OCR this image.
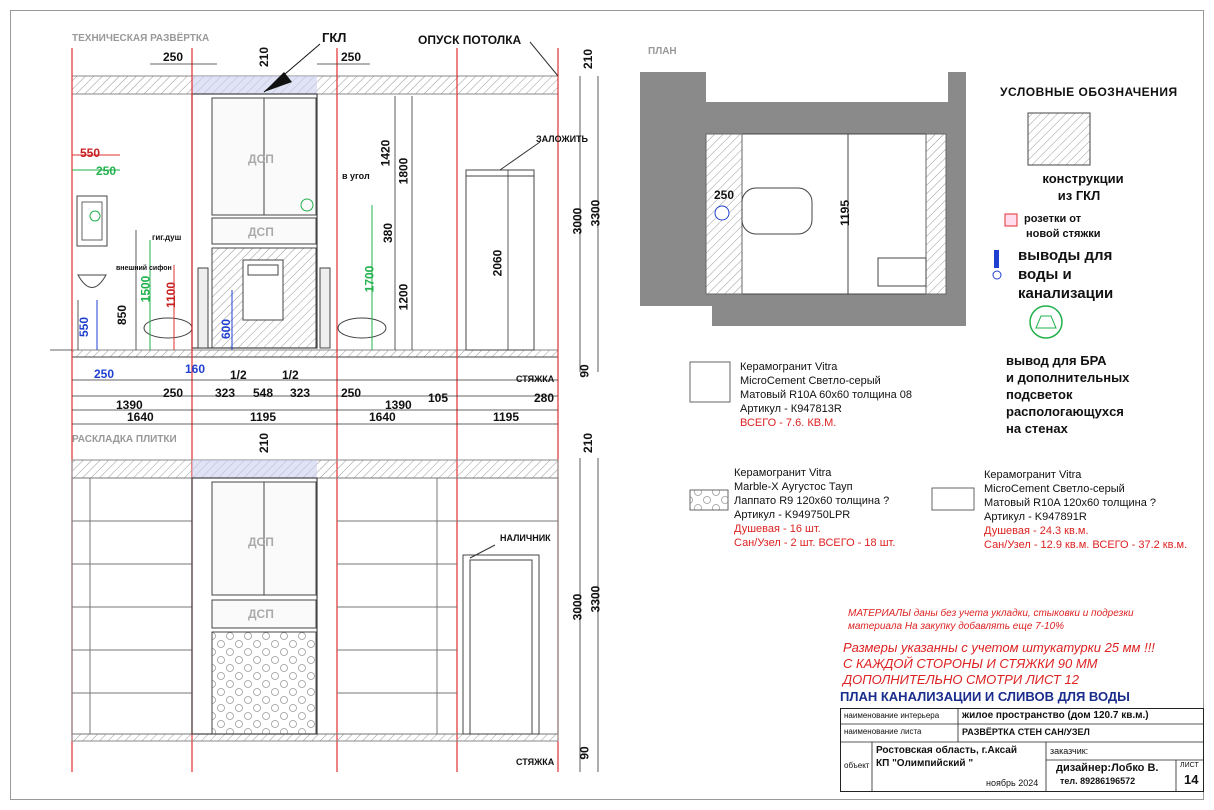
ТЕХНИЧЕСКАЯ РАЗВЁРТКА
РАСКЛАДКА ПЛИТКИ
ПЛАН
ГКЛ	ОПУСК ПОТОЛКА
ЗАЛОЖИТЬ
в угол
гиг.душ
внешний сифон
СТЯЖКА
СТЯЖКА
НАЛИЧНИК
ДСП
ДСП
ДСП
ДСП
250	210	250	210
550
250
1420
1800
380
1200
1500 1100
850
550	600
1700
2060
3000 3300
90
250	160 1/2	1/2
250	323 548 323	250	105	280
1390	1390
1640	1195	1640	1195
210	210
3000 3300
90
250
1195
УСЛОВНЫЕ ОБОЗНАЧЕНИЯ
конструкции
из ГКЛ
розетки от
новой стяжки
выводы для
воды и
канализации
вывод для БРА
и дополнительных
подсветок
распологающуxся
на стенах
Керамогранит Vitra
MicroCement Светло-серый
Матовый R10A 60x60 толщина 08
Артикул - К947813R
ВСЕГО - 7.6. КВ.М.
Керамогранит Vitra
Marble-X Аугустос Тауп
Лаппато R9 120x60 толщина ?
Артикул - K949750LPR
Душевая - 16 шт.
Сан/Узел - 2 шт. ВСЕГО - 18 шт.
Керамогранит Vitra
MicroCement Светло-серый
Матовый R10A 120x60 толщина ?
Артикул - K947891R
Душевая - 24.3 кв.м.
Сан/Узел - 12.9 кв.м. ВСЕГО - 37.2 кв.м.
МАТЕРИАЛЫ даны без учета укладки, стыковки и подрезки
материала На закупку добавлять еще 7-10%
Размеры указанны с учетом штукатурки 25 мм !!!
С КАЖДОЙ СТОРОНЫ И СТЯЖКИ 90 ММ
ДОПОЛНИТЕЛЬНО СМОТРИ ЛИСТ 12
ПЛАН КАНАЛИЗАЦИИ И СЛИВОВ ДЛЯ ВОДЫ
наименование интерьера жилое пространство (дом 120.7 кв.м.)
наименование листа	РАЗВЁРТКА СТЕН САН/УЗЕЛ
объект
Ростовская область, г.Аксай
КП "Олимпийский "
ноябрь 2024
заказчик:
дизайнер:Лобко В.
тел. 89286196572
ЛИСТ
14
